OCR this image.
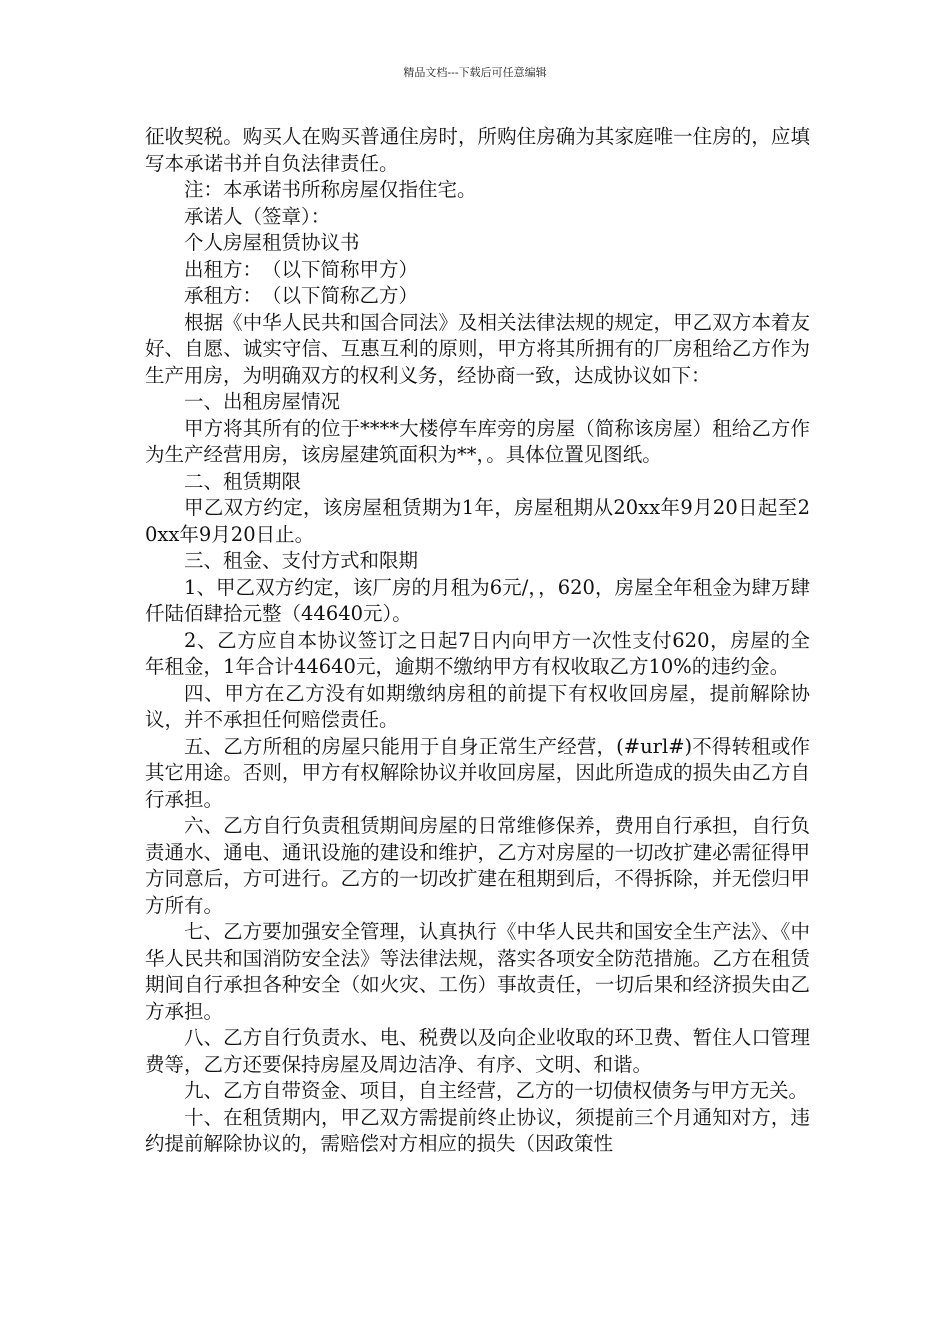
精品文档---下载后可任意编辑

征收契税。购买人在购买普通住房时，所购住房确为其家庭唯一住房的，应填写本承诺书并自负法律责任。

注：本承诺书所称房屋仅指住宅。

承诺人（签章）：

个人房屋租赁协议书

出租方：　（以下简称甲方）

承租方：　（以下简称乙方）

根据《中华人民共和国合同法》及相关法律法规的规定，甲乙双方本着友好、自愿、诚实守信、互惠互利的原则，甲方将其所拥有的厂房租给乙方作为生产用房，为明确双方的权利义务，经协商一致，达成协议如下：

一、出租房屋情况

甲方将其所有的位于****大楼停车库旁的房屋（简称该房屋）租给乙方作为生产经营用房，该房屋建筑面积为**，。具体位置见图纸。

二、租赁期限

甲乙双方约定，该房屋租赁期为1年，房屋租期从20xx年9月20日起至20xx年9月20日止。

三、租金、支付方式和限期

1、甲乙双方约定，该厂房的月租为6元/，，620，房屋全年租金为肆万肆仟陆佰肆拾元整（44640元）。

2、乙方应自本协议签订之日起7日内向甲方一次性支付620，房屋的全年租金，1年合计44640元，逾期不缴纳甲方有权收取乙方10%的违约金。

四、甲方在乙方没有如期缴纳房租的前提下有权收回房屋，提前解除协议，并不承担任何赔偿责任。

五、乙方所租的房屋只能用于自身正常生产经营，(#url#)不得转租或作其它用途。否则，甲方有权解除协议并收回房屋，因此所造成的损失由乙方自行承担。

六、乙方自行负责租赁期间房屋的日常维修保养，费用自行承担，自行负责通水、通电、通讯设施的建设和维护，乙方对房屋的一切改扩建必需征得甲方同意后，方可进行。乙方的一切改扩建在租期到后，不得拆除，并无偿归甲方所有。

七、乙方要加强安全管理，认真执行《中华人民共和国安全生产法》、《中华人民共和国消防安全法》等法律法规，落实各项安全防范措施。乙方在租赁期间自行承担各种安全（如火灾、工伤）事故责任，一切后果和经济损失由乙方承担。

八、乙方自行负责水、电、税费以及向企业收取的环卫费、暂住人口管理费等，乙方还要保持房屋及周边洁净、有序、文明、和谐。

九、乙方自带资金、项目，自主经营，乙方的一切债权债务与甲方无关。

十、在租赁期内，甲乙双方需提前终止协议，须提前三个月通知对方，违约提前解除协议的，需赔偿对方相应的损失（因政策性
